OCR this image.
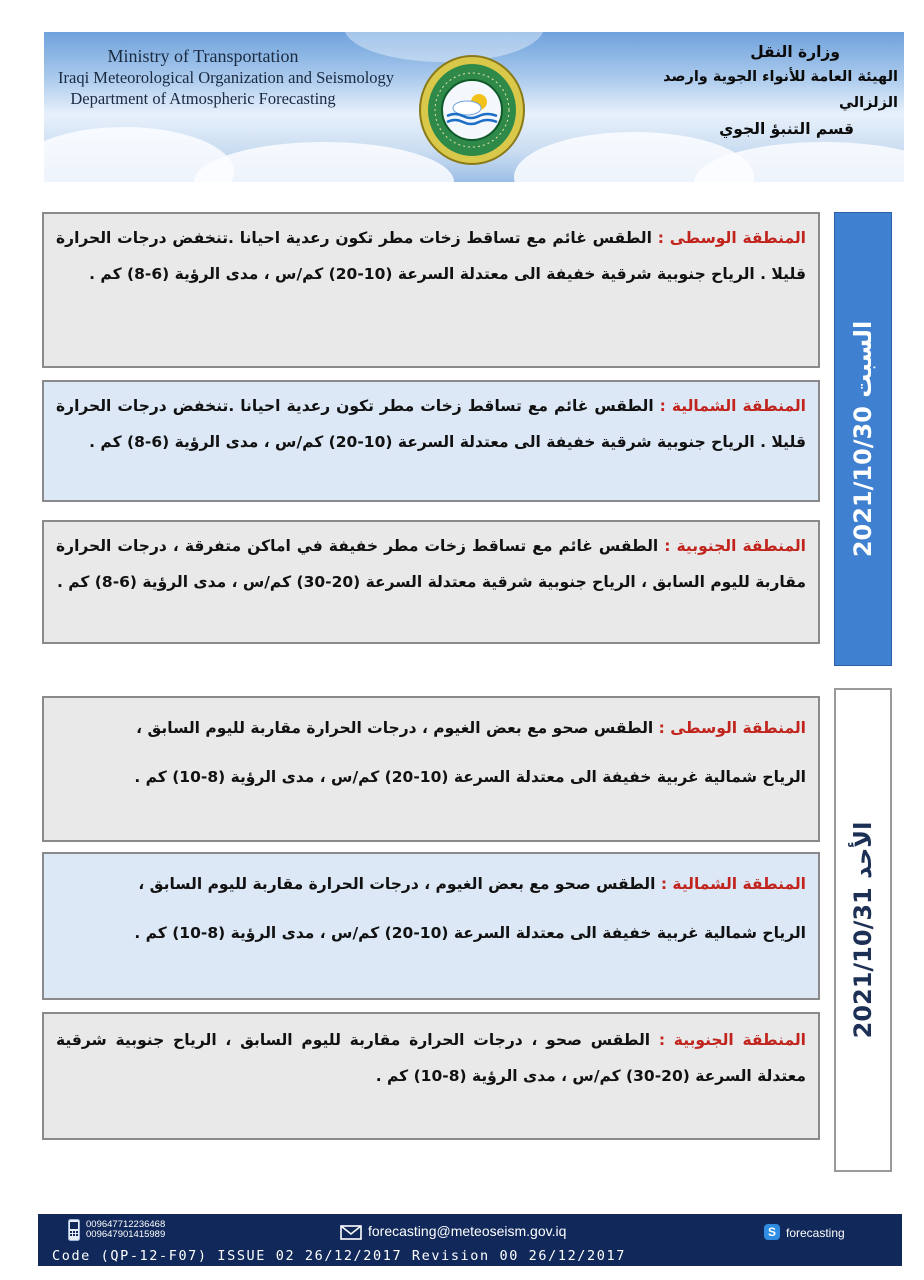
Ministry of Transportation
Iraqi Meteorological Organization and Seismology
Department of Atmospheric Forecasting
وزارة النقل
الهيئة العامة للأنواء الجوية وارصد الزلزالي
قسم التنبؤ الجوي
السبت 2021/10/30
المنطقة الوسطى : الطقس غائم مع تساقط زخات مطر تكون رعدية احيانا .تنخفض درجات الحرارة قليلا . الرياح جنوبية شرقية خفيفة الى معتدلة السرعة (10-20) كم/س ، مدى الرؤية (6-8) كم .
المنطقة الشمالية : الطقس غائم مع تساقط زخات مطر تكون رعدية احيانا .تنخفض درجات الحرارة قليلا . الرياح جنوبية شرقية خفيفة الى معتدلة السرعة (10-20) كم/س ، مدى الرؤية (6-8) كم .
المنطقة الجنوبية : الطقس غائم مع تساقط زخات مطر خفيفة في اماكن متفرقة ، درجات الحرارة مقاربة لليوم السابق ، الرياح جنوبية شرقية معتدلة السرعة (20-30) كم/س ، مدى الرؤية (6-8) كم .
الأحد 2021/10/31

المنطقة الوسطى : الطقس صحو مع بعض الغيوم ، درجات الحرارة مقاربة لليوم السابق ،

الرياح شمالية غربية خفيفة الى معتدلة السرعة (10-20) كم/س ، مدى الرؤية (8-10) كم .

المنطقة الشمالية : الطقس صحو مع بعض الغيوم ، درجات الحرارة مقاربة لليوم السابق ،

الرياح شمالية غربية خفيفة الى معتدلة السرعة (10-20) كم/س ، مدى الرؤية (8-10) كم .

المنطقة الجنوبية : الطقس صحو ، درجات الحرارة مقاربة لليوم السابق ، الرياح جنوبية شرقية معتدلة السرعة (20-30) كم/س ، مدى الرؤية (8-10) كم .
009647712236468
009647901415989	forecasting@meteoseism.gov.iq	S forecasting
Code (QP-12-F07) ISSUE 02 26/12/2017 Revision 00 26/12/2017
